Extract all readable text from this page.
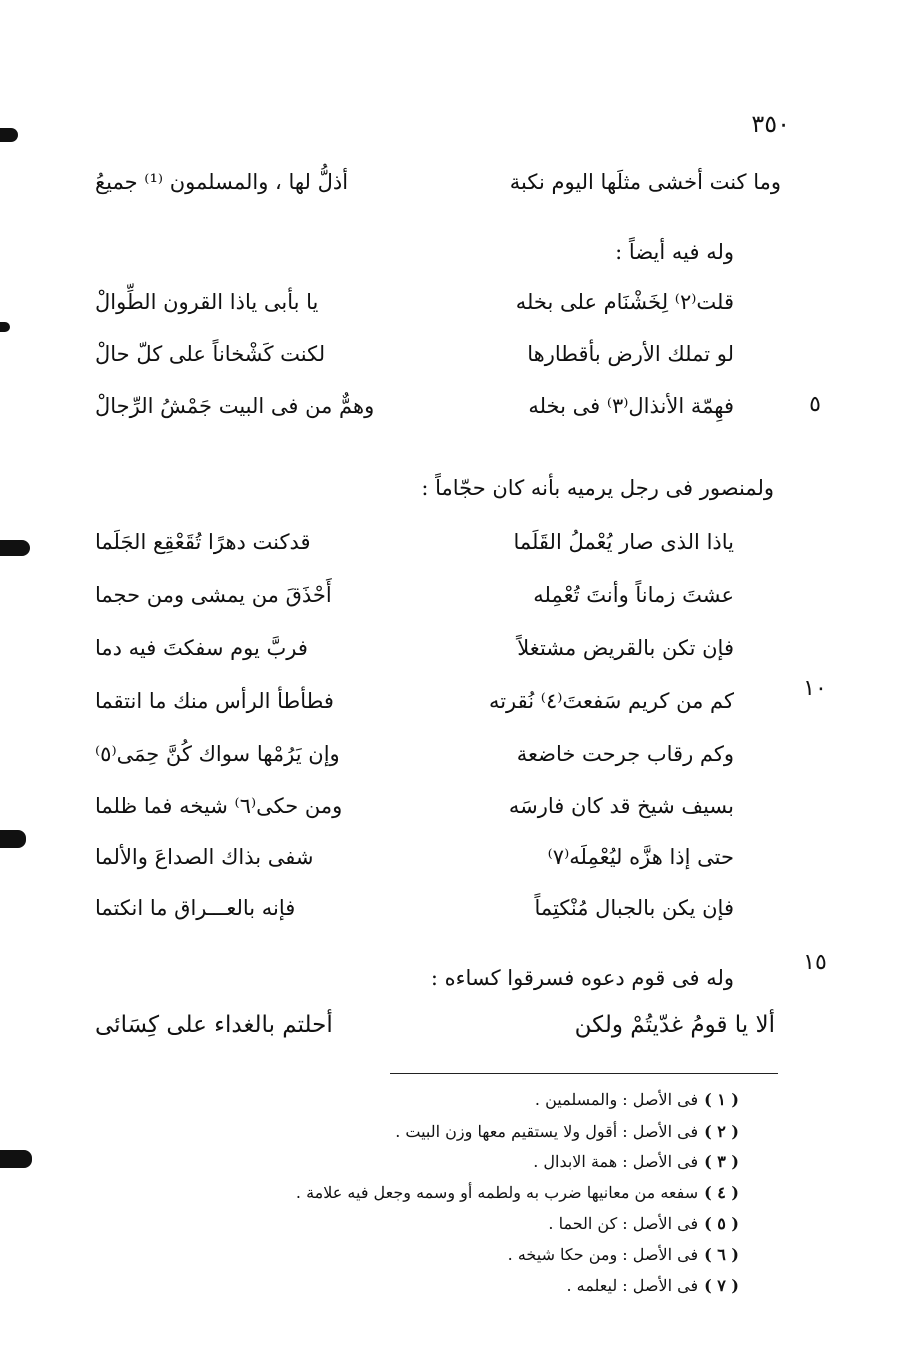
٣٥٠
وما كنت أخشى مثلَها اليوم نكبة
أذلُّ لها ، والمسلمون ⁽¹⁾ جميعُ
وله فيه أيضاً :
قلت⁽٢⁾ لِخَشْنَام على بخله
يا بأبى ياذا القرون الطِّوالْ
لو تملك الأرض بأقطارها
لكنت كَشْخاناً على كلّ حالْ
فهِمّة الأنذال⁽٣⁾ فى بخله
وهمٌّ من فى البيت جَمْشُ الرِّجالْ	٥
ولمنصور فى رجل يرميه بأنه كان حجّاماً :
ياذا الذى صار يُعْملُ القَلَما
قدكنت دهرًا تُقَعْقِع الجَلَما
عشتَ زماناً وأنتَ تُعْمِله
أَحْذَقَ من يمشى ومن حجما
فإن تكن بالقريض مشتغلاً
فربَّ يوم سفكتَ فيه دما
كم من كريم سَفعتَ⁽٤⁾ نُقرته
فطأطأ الرأس منك ما انتقما	١٠
وكم رقاب جرحت خاضعة
وإن يَرُمْها سواك كُنَّ حِمَى⁽٥⁾
بسيف شيخ قد كان فارسَه
ومن حكى⁽٦⁾ شيخه فما ظلما
حتى إذا هزَّه ليُعْمِلَه⁽٧⁾
شفى بذاك الصداعَ والألما
فإن يكن بالجبال مُنْكتِماً
فإنه بالعـــراق ما انكتما
١٥
وله فى قوم دعوه فسرقوا كساءه :
ألا يا قومُ غدّيتُمْ ولكن
أحلتم بالغداء على كِسَائى
( ١ )فى الأصل : والمسلمين .
( ٢ )فى الأصل : أقول ولا يستقيم معها وزن البيت .
( ٣ )فى الأصل : همة الابدال .
( ٤ )سفعه من معانيها ضرب به ولطمه أو وسمه وجعل فيه علامة .
( ٥ )فى الأصل : كن الحما .
( ٦ )فى الأصل : ومن حكا شيخه .
( ٧ )فى الأصل : ليعلمه .
